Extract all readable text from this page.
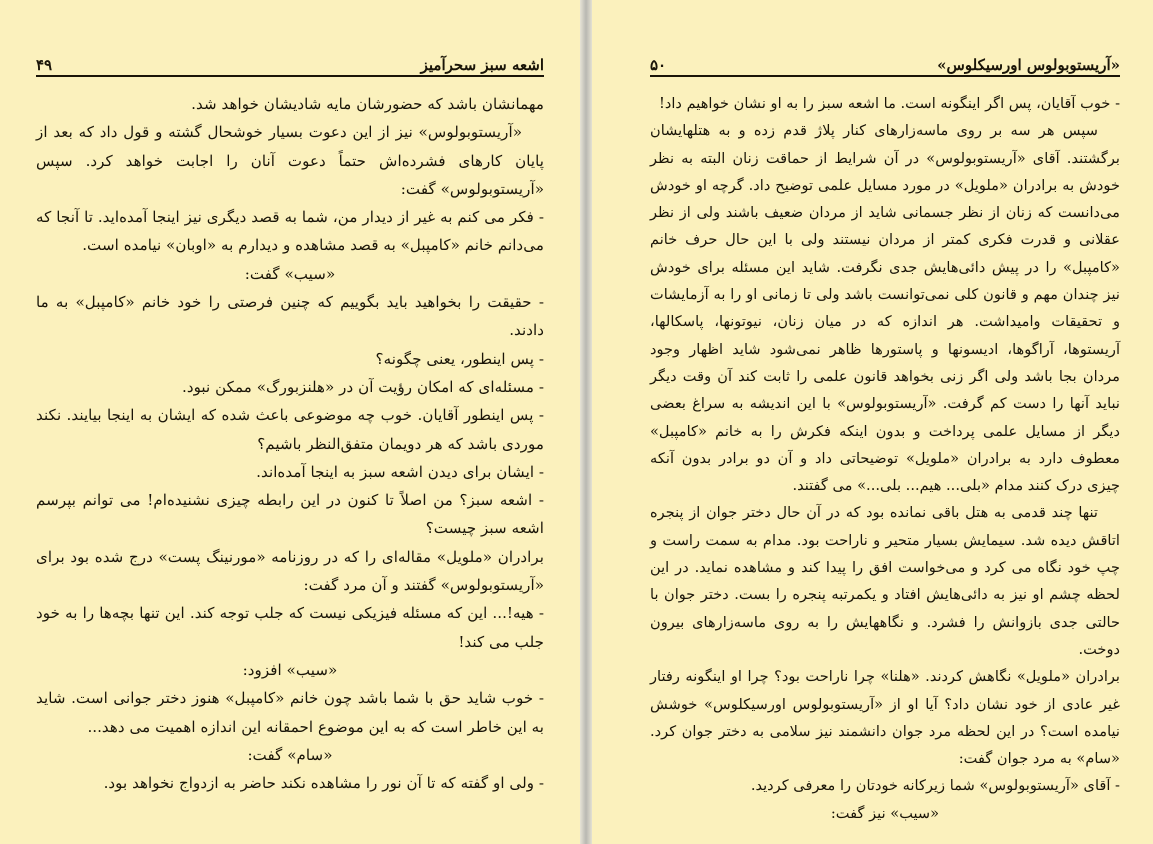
اشعه سبز سحرآمیز
۴۹

مهمانشان باشد که حضورشان مایه شادیشان خواهد شد.

«آریستوبولوس» نیز از این دعوت بسیار خوشحال گشته و قول داد که بعد از پایان کارهای فشرده‌اش حتماً دعوت آنان را اجابت خواهد کرد. سپس «آریستوبولوس» گفت:

- فکر می کنم به غیر از دیدار من، شما به قصد دیگری نیز اینجا آمده‌اید. تا آنجا که می‌دانم خانم «کامپبل» به قصد مشاهده و دیدارم به «اوبان» نیامده است.

«سیب» گفت:

- حقیقت را بخواهید باید بگوییم که چنین فرصتی را خود خانم «کامپبل» به ما دادند.

- پس اینطور، یعنی چگونه؟

- مسئله‌ای که امکان رؤیت آن در «هلنزبورگ» ممکن نبود.

- پس اینطور آقایان. خوب چه موضوعی باعث شده که ایشان به اینجا بیایند. نکند موردی باشد که هر دویمان متفق‌النظر باشیم؟

- ایشان برای دیدن اشعه سبز به اینجا آمده‌اند.

- اشعه سبز؟ من اصلاً تا کنون در این رابطه چیزی نشنیده‌ام! می توانم بپرسم اشعه سبز چیست؟

برادران «ملویل» مقاله‌ای را که در روزنامه «مورنینگ پست» درج شده بود برای «آریستوبولوس» گفتند و آن مرد گفت:

- هیه!... این که مسئله فیزیکی نیست که جلب توجه کند. این تنها بچه‌ها را به خود جلب می کند!

«سیب» افزود:

- خوب شاید حق با شما باشد چون خانم «کامپبل» هنوز دختر جوانی است. شاید به این خاطر است که به این موضوع احمقانه این اندازه اهمیت می دهد...

«سام» گفت:

- ولی او گفته که تا آن نور را مشاهده نکند حاضر به ازدواج نخواهد بود.

«آریستوبولوس اورسیکلوس»
۵۰

- خوب آقایان، پس اگر اینگونه است. ما اشعه سبز را به او نشان خواهیم داد!

سپس هر سه بر روی ماسه‌زارهای کنار پلاژ قدم زده و به هتلهایشان برگشتند. آقای «آریستوبولوس» در آن شرایط از حماقت زنان البته به نظر خودش به برادران «ملویل» در مورد مسایل علمی توضیح داد. گرچه او خودش می‌دانست که زنان از نظر جسمانی شاید از مردان ضعیف باشند ولی از نظر عقلانی و قدرت فکری کمتر از مردان نیستند ولی با این حال حرف خانم «کامپبل» را در پیش دائی‌هایش جدی نگرفت. شاید این مسئله برای خودش نیز چندان مهم و قانون کلی نمی‌توانست باشد ولی تا زمانی او را به آزمایشات و تحقیقات وامیداشت. هر اندازه که در میان زنان، نیوتونها، پاسکالها، آریستوها، آراگوها، ادیسونها و پاستورها ظاهر نمی‌شود شاید اظهار وجود مردان بجا باشد ولی اگر زنی بخواهد قانون علمی را ثابت کند آن وقت دیگر نباید آنها را دست کم گرفت. «آریستوبولوس» با این اندیشه به سراغ بعضی دیگر از مسایل علمی پرداخت و بدون اینکه فکرش را به خانم «کامپبل» معطوف دارد به برادران «ملویل» توضیحاتی داد و آن دو برادر بدون آنکه چیزی درک کنند مدام «بلی... هیم... بلی...» می گفتند.

تنها چند قدمی به هتل باقی نمانده بود که در آن حال دختر جوان از پنجره اتاقش دیده شد. سیمایش بسیار متحیر و ناراحت بود. مدام به سمت راست و چپ خود نگاه می کرد و می‌خواست افق را پیدا کند و مشاهده نماید. در این لحظه چشم او نیز به دائی‌هایش افتاد و یکمرتبه پنجره را بست. دختر جوان با حالتی جدی بازوانش را فشرد. و نگاههایش را به روی ماسه‌زارهای بیرون دوخت.

برادران «ملویل» نگاهش کردند. «هلنا» چرا ناراحت بود؟ چرا او اینگونه رفتار غیر عادی از خود نشان داد؟ آیا او از «آریستوبولوس اورسیکلوس» خوشش نیامده است؟ در این لحظه مرد جوان دانشمند نیز سلامی به دختر جوان کرد. «سام» به مرد جوان گفت:

- آقای «آریستوبولوس» شما زیرکانه خودتان را معرفی کردید.

«سیب» نیز گفت:
